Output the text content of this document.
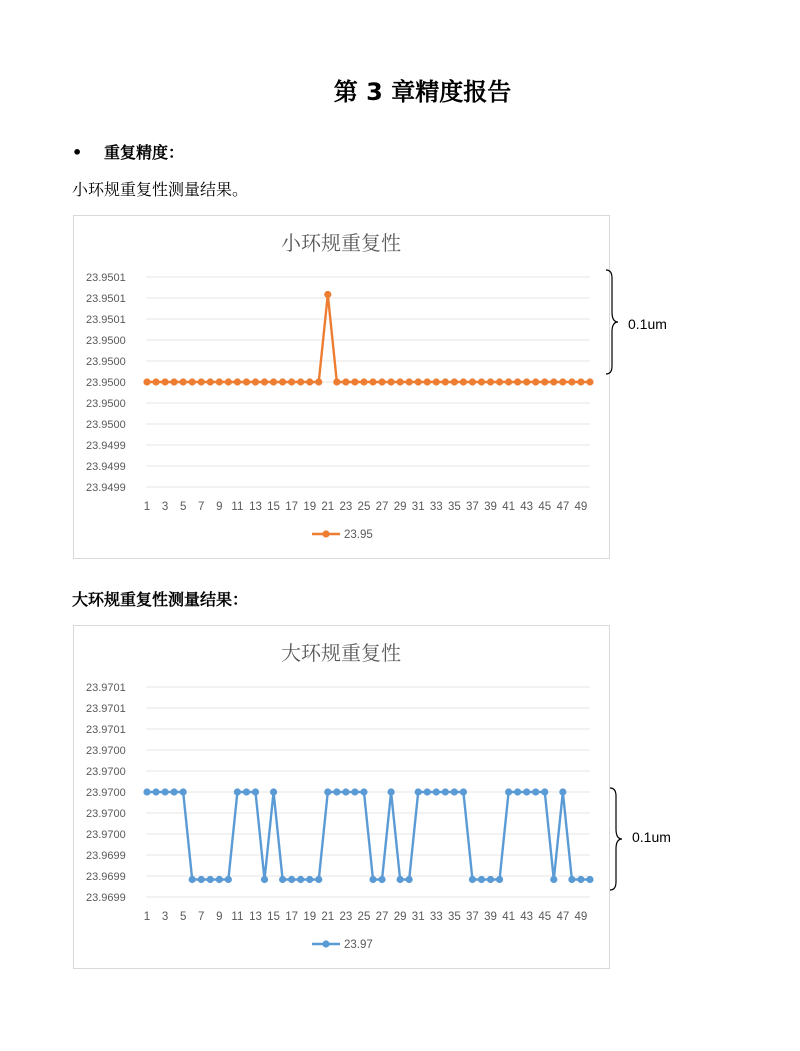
第 3 章精度报告
• 重复精度：
小环规重复性测量结果。
小环规重复性
23.9501
23.9501
23.9501
23.9500
23.9500
23.9500
23.9500
23.9500
23.9499
23.9499
23.9499
1 3 5 7 9 11 13 15 17 19 21 23 25 27 29 31 33 35 37 39 41 43 45 47 49
23.95
0.1um
大环规重复性测量结果：
大环规重复性
23.9701
23.9701
23.9701
23.9700
23.9700
23.9700
23.9700
23.9700
23.9699
23.9699
23.9699
1 3 5 7 9 11 13 15 17 19 21 23 25 27 29 31 33 35 37 39 41 43 45 47 49
23.97
0.1um
